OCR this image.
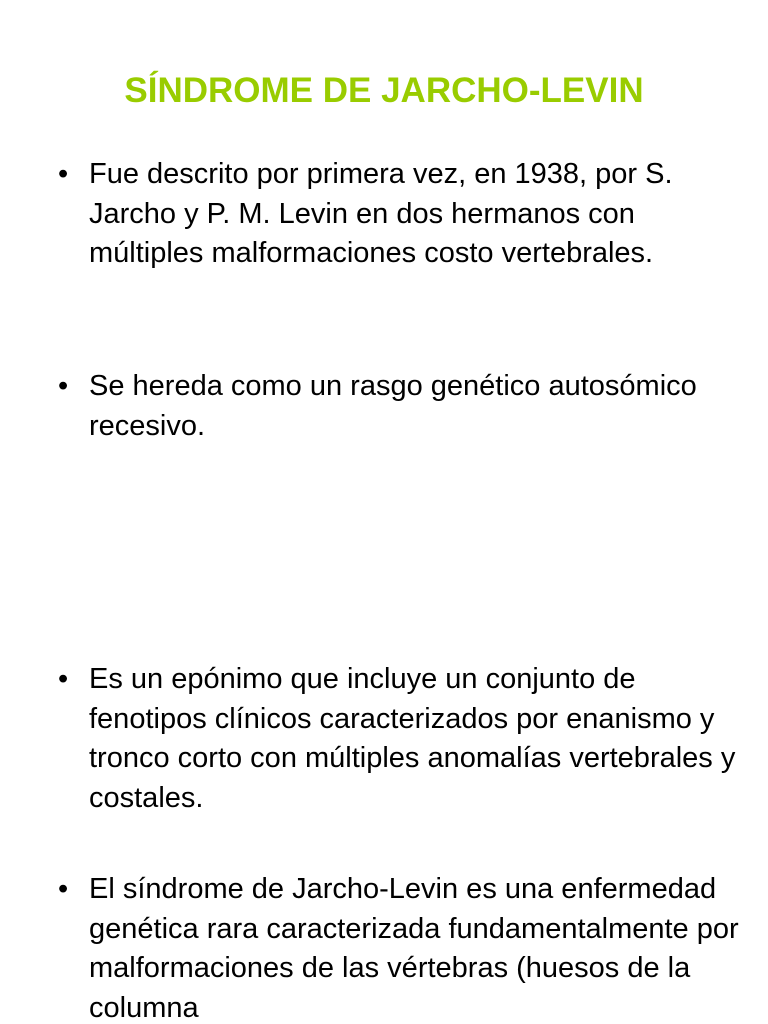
SÍNDROME DE JARCHO-LEVIN
• Fue descrito por primera vez, en 1938, por S. Jarcho y P. M. Levin en dos hermanos con múltiples malformaciones costo vertebrales.
• Se hereda como un rasgo genético autosómico recesivo.
• Es un epónimo que incluye un conjunto de fenotipos clínicos caracterizados por enanismo y tronco corto con múltiples anomalías vertebrales y costales.
• El síndrome de Jarcho-Levin es una enfermedad genética rara caracterizada fundamentalmente por malformaciones de las vértebras (huesos de la columna
